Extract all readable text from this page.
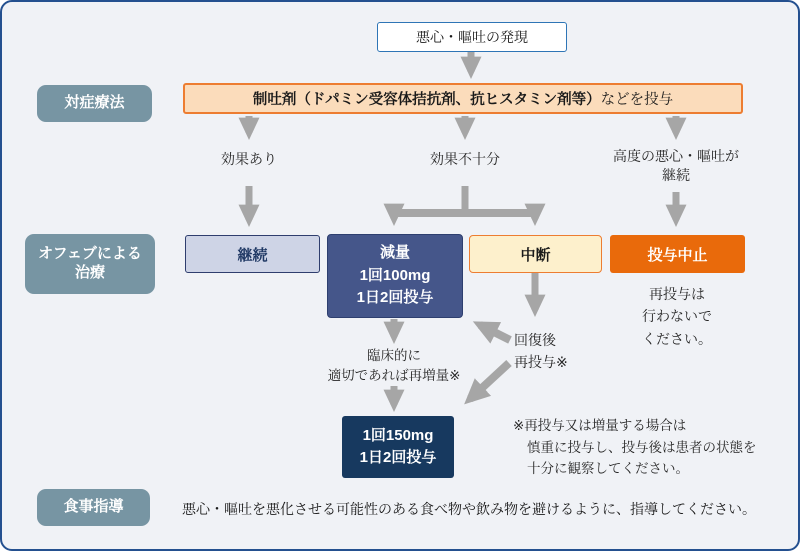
悪心・嘔吐の発現
対症療法	制吐剤（ドパミン受容体拮抗剤、抗ヒスタミン剤等）などを投与
効果あり	効果不十分	高度の悪心・嘔吐が
継続
オフェブによる
治療
継続	減量
1回100mg
1日2回投与
中断	投与中止
再投与は
行わないで
ください。
臨床的に
適切であれば再増量※
回復後
再投与※
1回150mg
1日2回投与
※再投与又は増量する場合は
慎重に投与し、投与後は患者の状態を
十分に観察してください。
食事指導	悪心・嘔吐を悪化させる可能性のある食べ物や飲み物を避けるように、指導してください。
